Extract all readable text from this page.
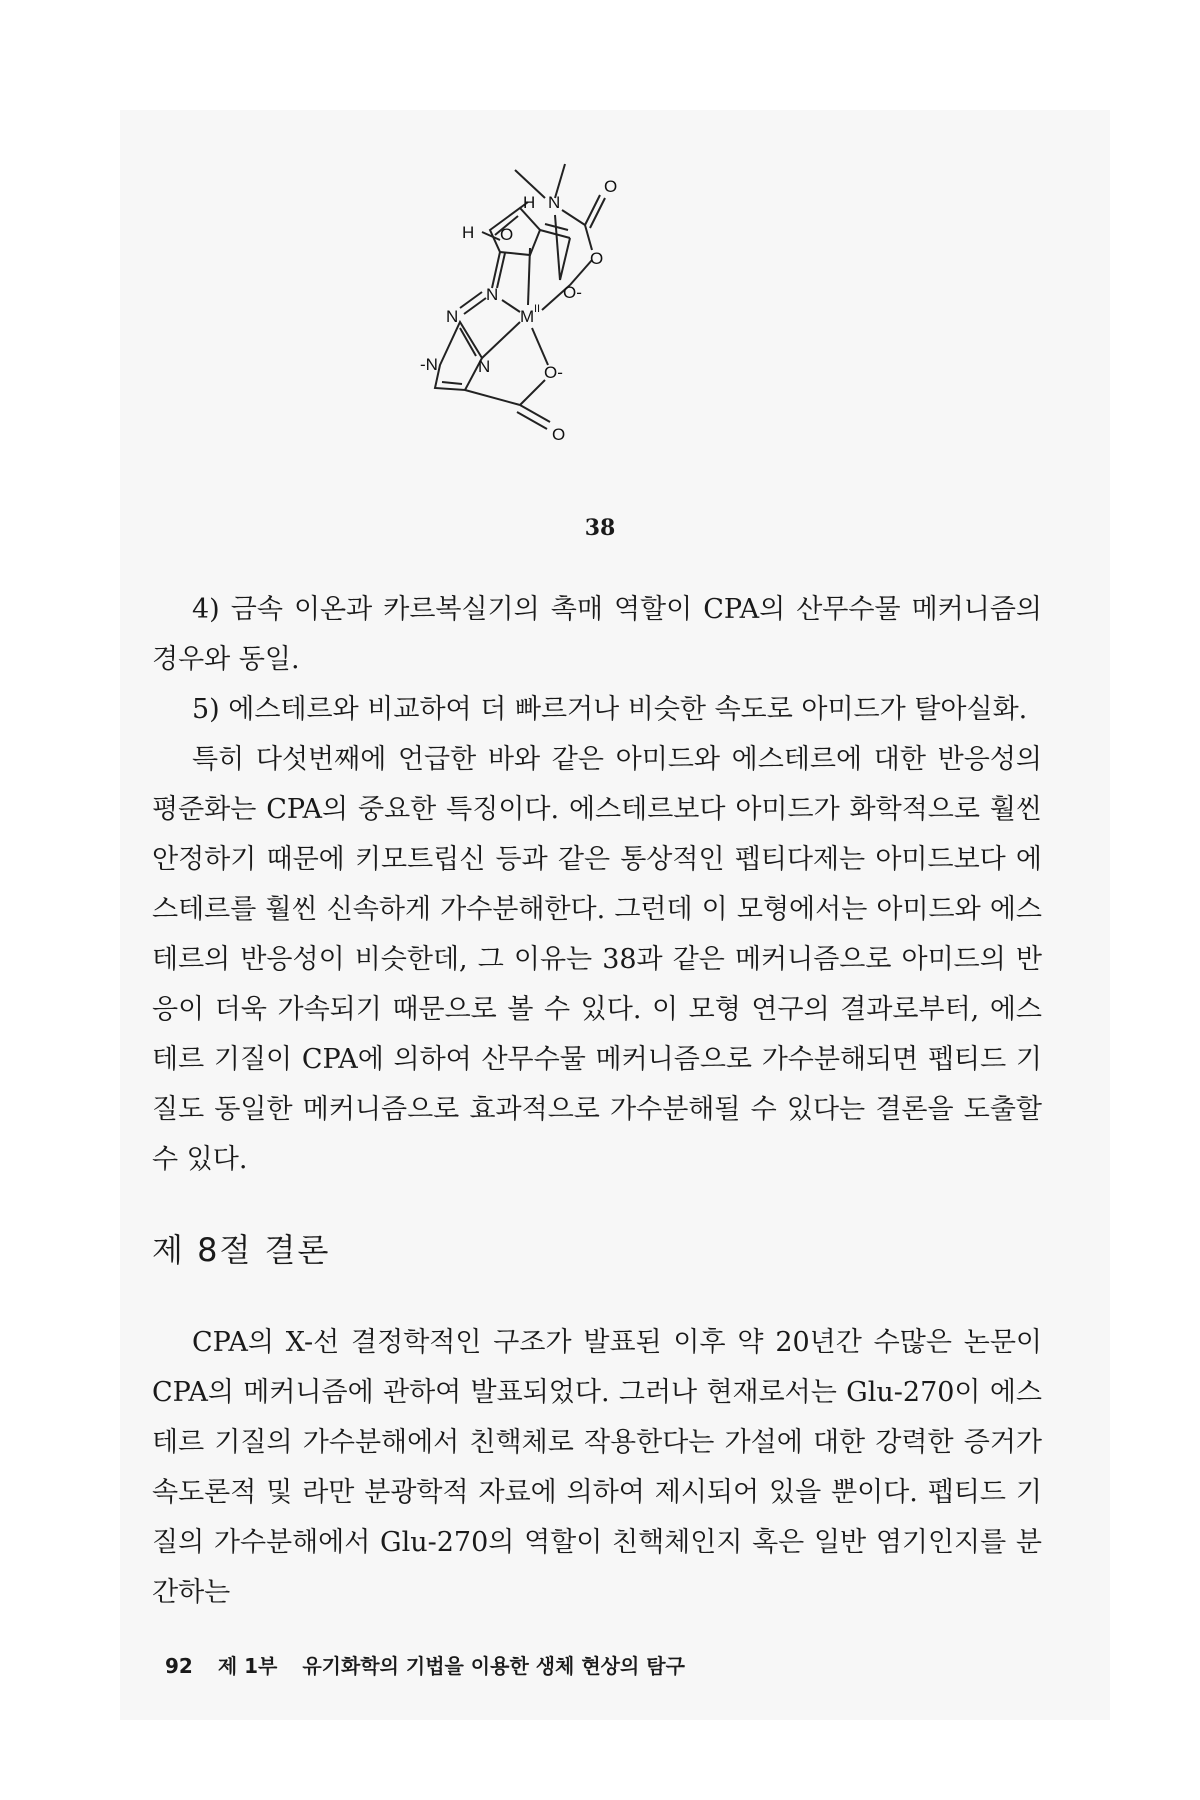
N
O
O
H
H O
O-
N
N
M II
-N N	O-
O
38

4) 금속 이온과 카르복실기의 촉매 역할이 CPA의 산무수물 메커니즘의 경우와 동일.

5) 에스테르와 비교하여 더 빠르거나 비슷한 속도로 아미드가 탈아실화.

특히 다섯번째에 언급한 바와 같은 아미드와 에스테르에 대한 반응성의 평준화는 CPA의 중요한 특징이다. 에스테르보다 아미드가 화학적으로 훨씬 안정하기 때문에 키모트립신 등과 같은 통상적인 펩티다제는 아미드보다 에스테르를 훨씬 신속하게 가수분해한다. 그런데 이 모형에서는 아미드와 에스테르의 반응성이 비슷한데, 그 이유는 38과 같은 메커니즘으로 아미드의 반응이 더욱 가속되기 때문으로 볼 수 있다. 이 모형 연구의 결과로부터, 에스테르 기질이 CPA에 의하여 산무수물 메커니즘으로 가수분해되면 펩티드 기질도 동일한 메커니즘으로 효과적으로 가수분해될 수 있다는 결론을 도출할 수 있다.

제 8절 결론

CPA의 X-선 결정학적인 구조가 발표된 이후 약 20년간 수많은 논문이 CPA의 메커니즘에 관하여 발표되었다. 그러나 현재로서는 Glu-270이 에스테르 기질의 가수분해에서 친핵체로 작용한다는 가설에 대한 강력한 증거가 속도론적 및 라만 분광학적 자료에 의하여 제시되어 있을 뿐이다. 펩티드 기질의 가수분해에서 Glu-270의 역할이 친핵체인지 혹은 일반 염기인지를 분간하는

92 제 1부 유기화학의 기법을 이용한 생체 현상의 탐구
